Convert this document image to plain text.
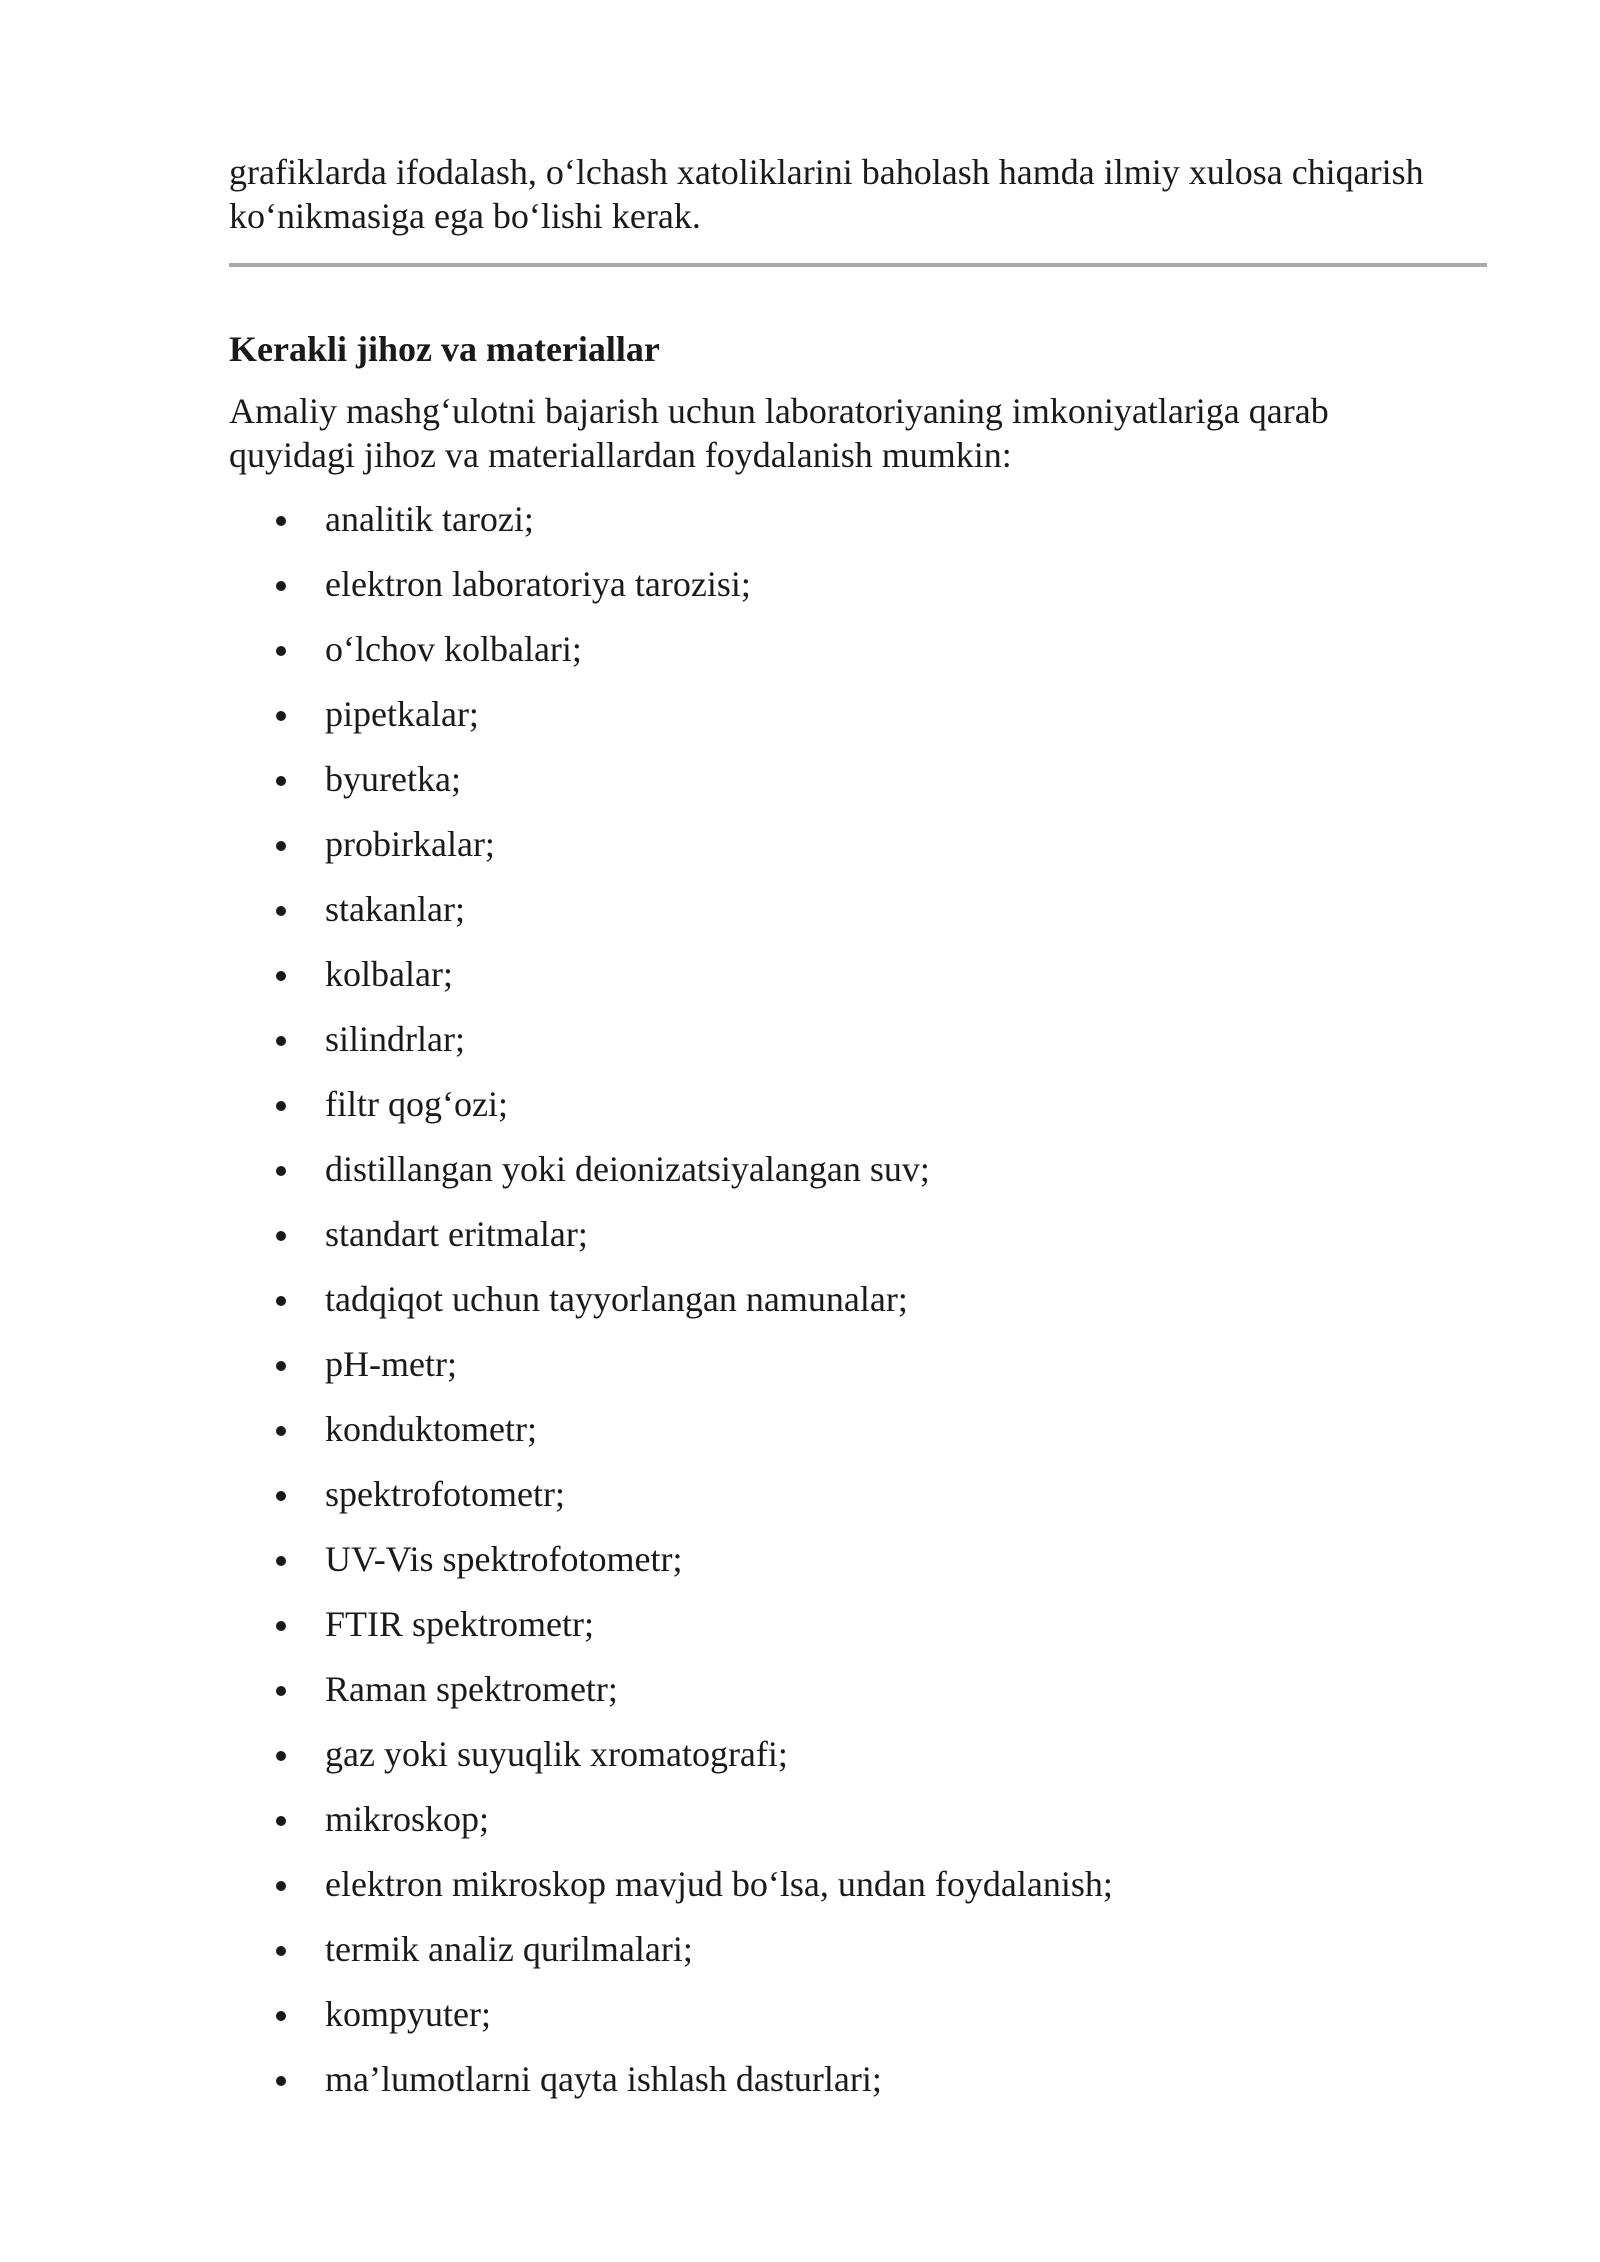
grafiklarda ifodalash, o‘lchash xatoliklarini baholash hamda ilmiy xulosa chiqarish
ko‘nikmasiga ega bo‘lishi kerak.

Kerakli jihoz va materiallar

Amaliy mashg‘ulotni bajarish uchun laboratoriyaning imkoniyatlariga qarab
quyidagi jihoz va materiallardan foydalanish mumkin:

analitik tarozi;
elektron laboratoriya tarozisi;
o‘lchov kolbalari;
pipetkalar;
byuretka;
probirkalar;
stakanlar;
kolbalar;
silindrlar;
filtr qog‘ozi;
distillangan yoki deionizatsiyalangan suv;
standart eritmalar;
tadqiqot uchun tayyorlangan namunalar;
pH-metr;
konduktometr;
spektrofotometr;
UV-Vis spektrofotometr;
FTIR spektrometr;
Raman spektrometr;
gaz yoki suyuqlik xromatografi;
mikroskop;
elektron mikroskop mavjud bo‘lsa, undan foydalanish;
termik analiz qurilmalari;
kompyuter;
ma’lumotlarni qayta ishlash dasturlari;
